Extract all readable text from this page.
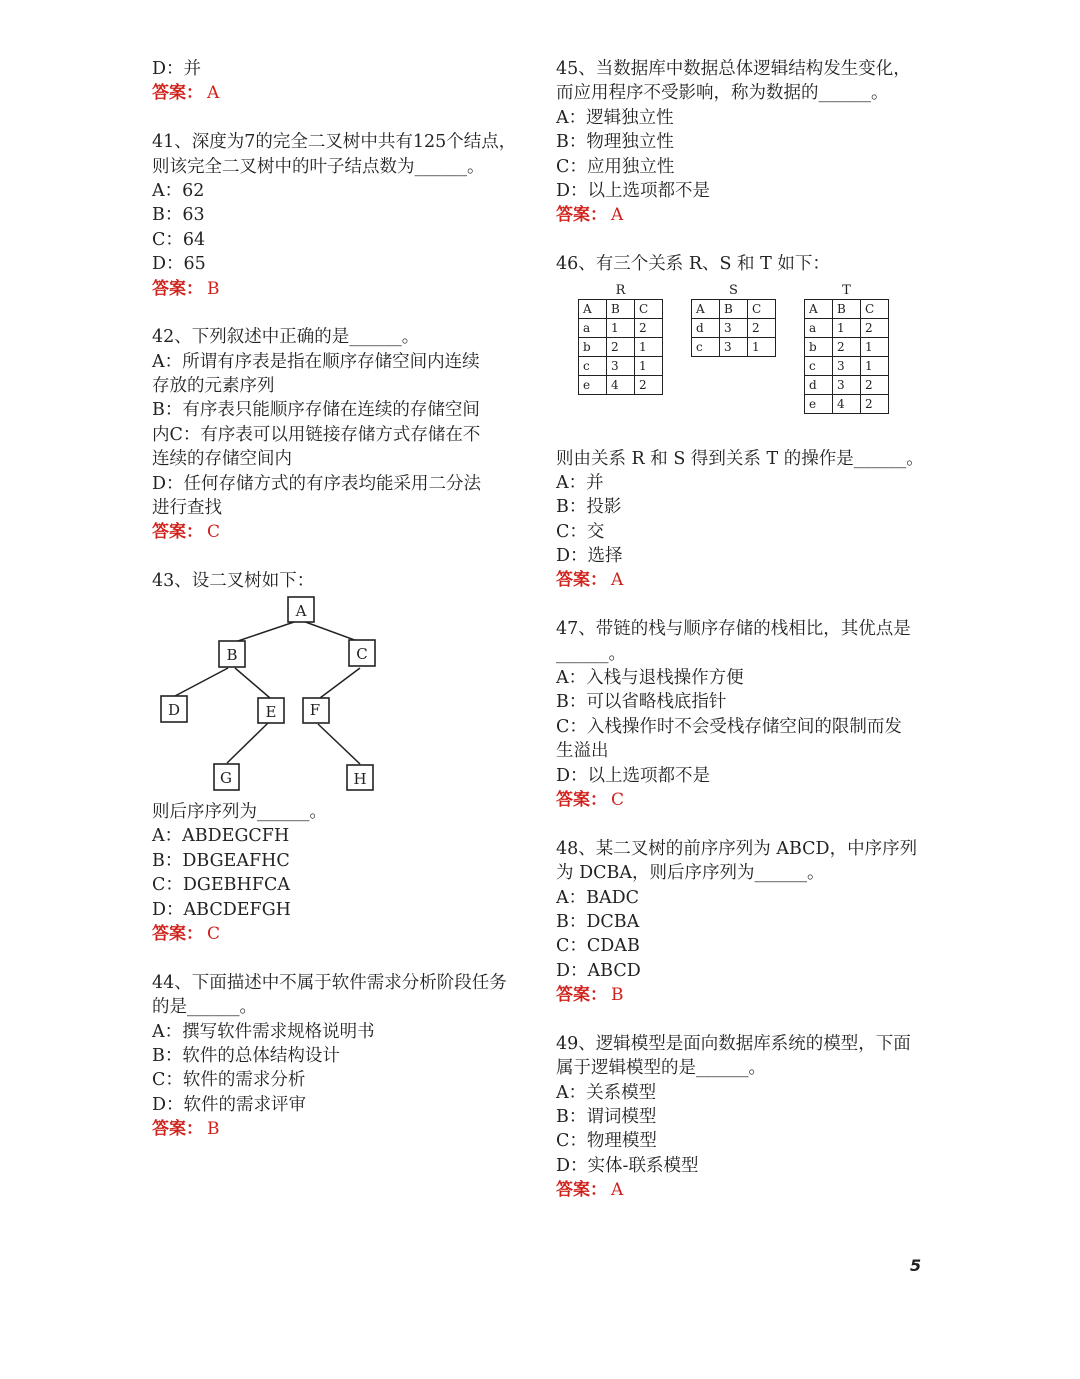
D：并
答案： A
41、深度为7的完全二叉树中共有125个结点，
则该完全二叉树中的叶子结点数为______。
A：62
B：63
C：64
D：65
答案： B
42、下列叙述中正确的是______。
A：所谓有序表是指在顺序存储空间内连续
存放的元素序列
B：有序表只能顺序存储在连续的存储空间
内C：有序表可以用链接存储方式存储在不
连续的存储空间内
D：任何存储方式的有序表均能采用二分法
进行查找
答案： C
43、设二叉树如下：
A
B	C
D	E F
G	H
则后序序列为______。
A：ABDEGCFH
B：DBGEAFHC
C：DGEBHFCA
D：ABCDEFGH
答案： C
44、下面描述中不属于软件需求分析阶段任务
的是______。
A：撰写软件需求规格说明书
B：软件的总体结构设计
C：软件的需求分析
D：软件的需求评审
答案： B
45、当数据库中数据总体逻辑结构发生变化，
而应用程序不受影响，称为数据的______。
A：逻辑独立性
B：物理独立性
C：应用独立性
D：以上选项都不是
答案： A
46、有三个关系 R、S 和 T 如下：
R
A	B	C
a	1	2
b	2	1
c	3	1
e	4	2
S
A	B	C
d	3	2
c	3	1
T
A	B	C
a	1	2
b	2	1
c	3	1
d	3	2
e	4	2
则由关系 R 和 S 得到关系 T 的操作是______。
A：并
B：投影
C：交
D：选择
答案： A
47、带链的栈与顺序存储的栈相比，其优点是
______。
A：入栈与退栈操作方便
B：可以省略栈底指针
C：入栈操作时不会受栈存储空间的限制而发
生溢出
D：以上选项都不是
答案： C
48、某二叉树的前序序列为 ABCD，中序序列
为 DCBA，则后序序列为______。
A：BADC
B：DCBA
C：CDAB
D：ABCD
答案： B
49、逻辑模型是面向数据库系统的模型，下面
属于逻辑模型的是______。
A：关系模型
B：谓词模型
C：物理模型
D：实体-联系模型
答案： A
5
